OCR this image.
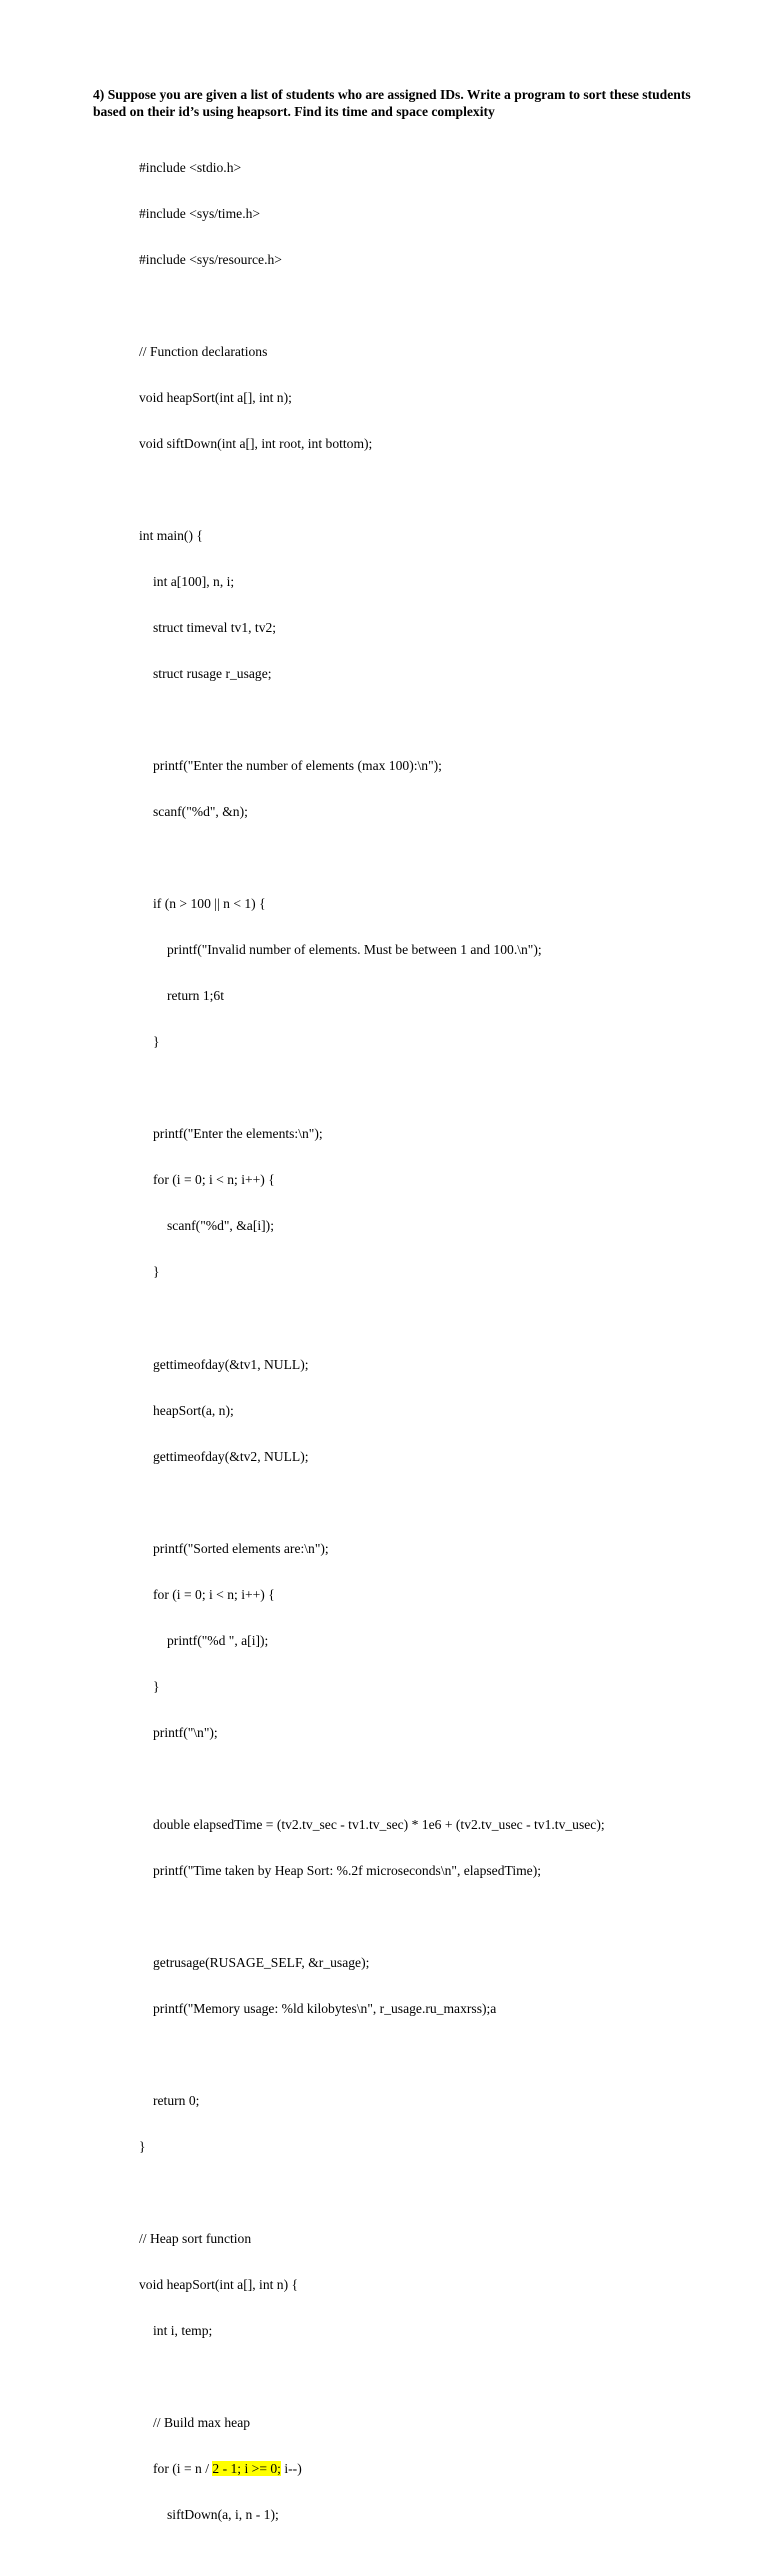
4) Suppose you are given a list of students who are assigned IDs. Write a program to sort these students based on their id’s using heapsort. Find its time and space complexity

#include <stdio.h>

#include <sys/time.h>

#include <sys/resource.h>

// Function declarations

void heapSort(int a[], int n);

void siftDown(int a[], int root, int bottom);

int main() {

int a[100], n, i;

struct timeval tv1, tv2;

struct rusage r_usage;

printf("Enter the number of elements (max 100):\n");

scanf("%d", &n);

if (n > 100 || n < 1) {

printf("Invalid number of elements. Must be between 1 and 100.\n");

return 1;6t

}

printf("Enter the elements:\n");

for (i = 0; i < n; i++) {

scanf("%d", &a[i]);

}

gettimeofday(&tv1, NULL);

heapSort(a, n);

gettimeofday(&tv2, NULL);

printf("Sorted elements are:\n");

for (i = 0; i < n; i++) {

printf("%d ", a[i]);

}

printf("\n");

double elapsedTime = (tv2.tv_sec - tv1.tv_sec) * 1e6 + (tv2.tv_usec - tv1.tv_usec);

printf("Time taken by Heap Sort: %.2f microseconds\n", elapsedTime);

getrusage(RUSAGE_SELF, &r_usage);

printf("Memory usage: %ld kilobytes\n", r_usage.ru_maxrss);a

return 0;

}

// Heap sort function

void heapSort(int a[], int n) {

int i, temp;

// Build max heap

for (i = n / 2 - 1; i >= 0; i--)

siftDown(a, i, n - 1);
